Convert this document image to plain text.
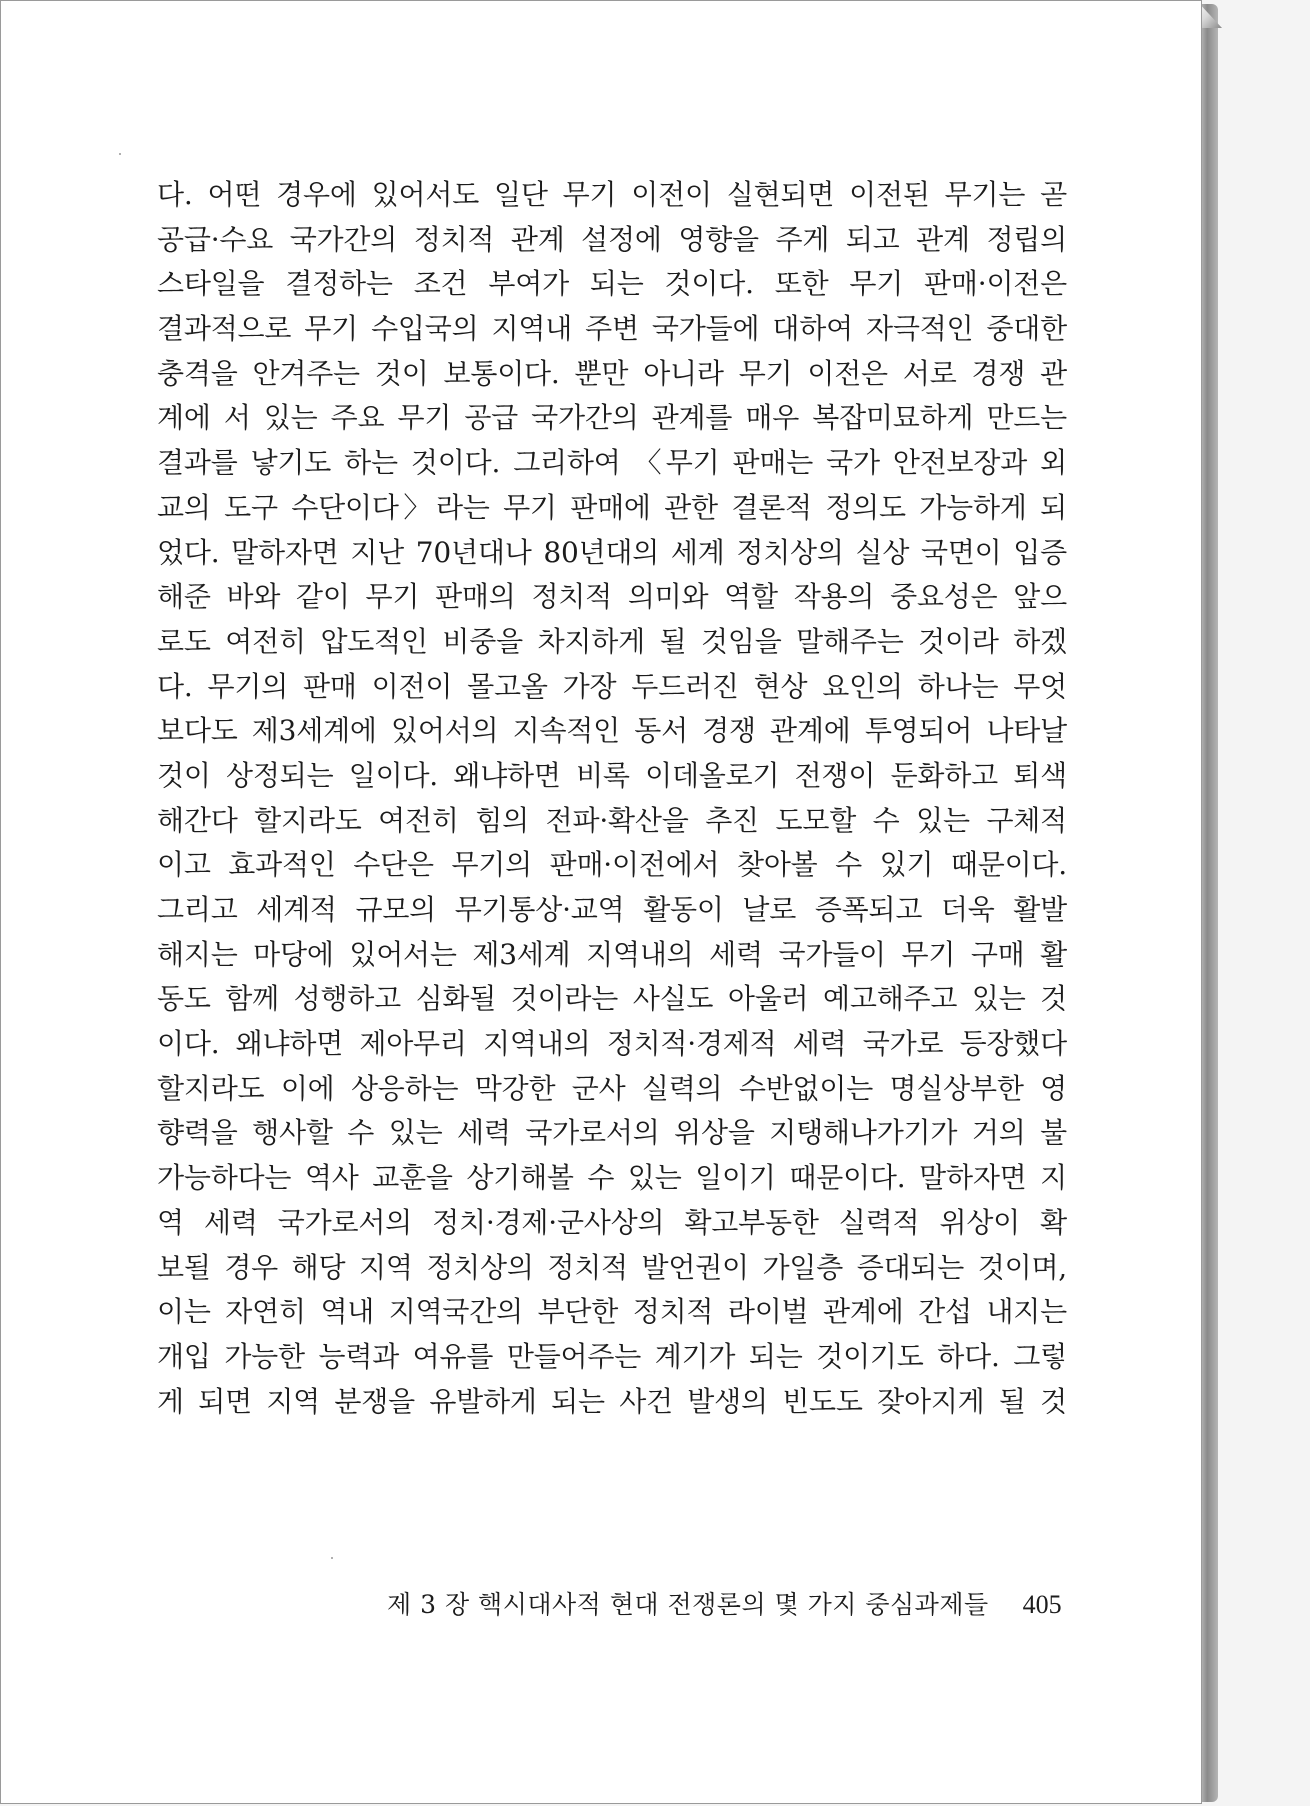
다. 어떤 경우에 있어서도 일단 무기 이전이 실현되면 이전된 무기는 곧
공급·수요 국가간의 정치적 관계 설정에 영향을 주게 되고 관계 정립의
스타일을 결정하는 조건 부여가 되는 것이다. 또한 무기 판매·이전은
결과적으로 무기 수입국의 지역내 주변 국가들에 대하여 자극적인 중대한
충격을 안겨주는 것이 보통이다. 뿐만 아니라 무기 이전은 서로 경쟁 관
계에 서 있는 주요 무기 공급 국가간의 관계를 매우 복잡미묘하게 만드는
결과를 낳기도 하는 것이다. 그리하여 〈무기 판매는 국가 안전보장과 외
교의 도구 수단이다〉라는 무기 판매에 관한 결론적 정의도 가능하게 되
었다. 말하자면 지난 70년대나 80년대의 세계 정치상의 실상 국면이 입증
해준 바와 같이 무기 판매의 정치적 의미와 역할 작용의 중요성은 앞으
로도 여전히 압도적인 비중을 차지하게 될 것임을 말해주는 것이라 하겠
다. 무기의 판매 이전이 몰고올 가장 두드러진 현상 요인의 하나는 무엇
보다도 제3세계에 있어서의 지속적인 동서 경쟁 관계에 투영되어 나타날
것이 상정되는 일이다. 왜냐하면 비록 이데올로기 전쟁이 둔화하고 퇴색
해간다 할지라도 여전히 힘의 전파·확산을 추진 도모할 수 있는 구체적
이고 효과적인 수단은 무기의 판매·이전에서 찾아볼 수 있기 때문이다.
그리고 세계적 규모의 무기통상·교역 활동이 날로 증폭되고 더욱 활발
해지는 마당에 있어서는 제3세계 지역내의 세력 국가들이 무기 구매 활
동도 함께 성행하고 심화될 것이라는 사실도 아울러 예고해주고 있는 것
이다. 왜냐하면 제아무리 지역내의 정치적·경제적 세력 국가로 등장했다
할지라도 이에 상응하는 막강한 군사 실력의 수반없이는 명실상부한 영
향력을 행사할 수 있는 세력 국가로서의 위상을 지탱해나가기가 거의 불
가능하다는 역사 교훈을 상기해볼 수 있는 일이기 때문이다. 말하자면 지
역 세력 국가로서의 정치·경제·군사상의 확고부동한 실력적 위상이 확
보될 경우 해당 지역 정치상의 정치적 발언권이 가일층 증대되는 것이며,
이는 자연히 역내 지역국간의 부단한 정치적 라이벌 관계에 간섭 내지는
개입 가능한 능력과 여유를 만들어주는 계기가 되는 것이기도 하다. 그렇
게 되면 지역 분쟁을 유발하게 되는 사건 발생의 빈도도 잦아지게 될 것
제 3 장 핵시대사적 현대 전쟁론의 몇 가지 중심과제들 405
